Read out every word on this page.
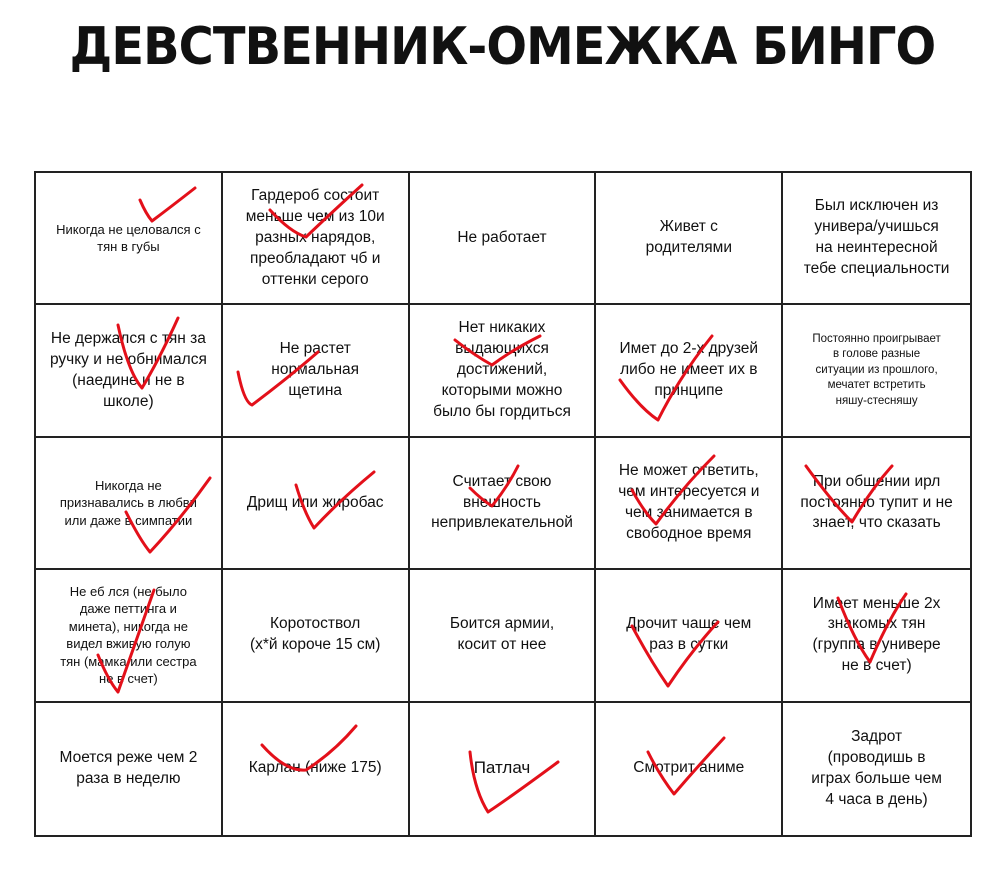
ДЕВСТВЕННИК-ОМЕЖКА БИНГО
Никогда не целовался с
тян в губы
Гардероб состоит
меньше чем из 10и
разных нарядов,
преобладают чб и
оттенки серого
Не работает
Живет с
родителями
Был исключен из
универа/учишься
на неинтересной
тебе специальности
Не держался с тян за
ручку и не обнимался
(наедине и не в
школе)
Не растет
нормальная
щетина
Нет никаких
выдающихся
достижений,
которыми можно
было бы гордиться
Имет до 2-х друзей
либо не имеет их в
принципе
Постоянно проигрывает
в голове разные
ситуации из прошлого,
мечатет встретить
няшу-стесняшу
Никогда не
признавались в любви
или даже в симпатии
Дрищ или жиробас
Считает свою
внешность
непривлекательной
Не может ответить,
чем интересуется и
чем занимается в
свободное время
При общении ирл
постоянно тупит и не
знает, что сказать
Не еб лся (не было
даже петтинга и
минета), никогда не
видел вживую голую
тян (мамка или сестра
не в счет)
Коротоствол
(х*й короче 15 см)
Боится армии,
косит от нее
Дрочит чаще чем
раз в сутки
Имеет меньше 2х
знакомых тян
(группа в универе
не в счет)
Моется реже чем 2
раза в неделю
Карлан (ниже 175)	Патлач	Смотрит аниме
Задрот
(проводишь в
играх больше чем
4 часа в день)
